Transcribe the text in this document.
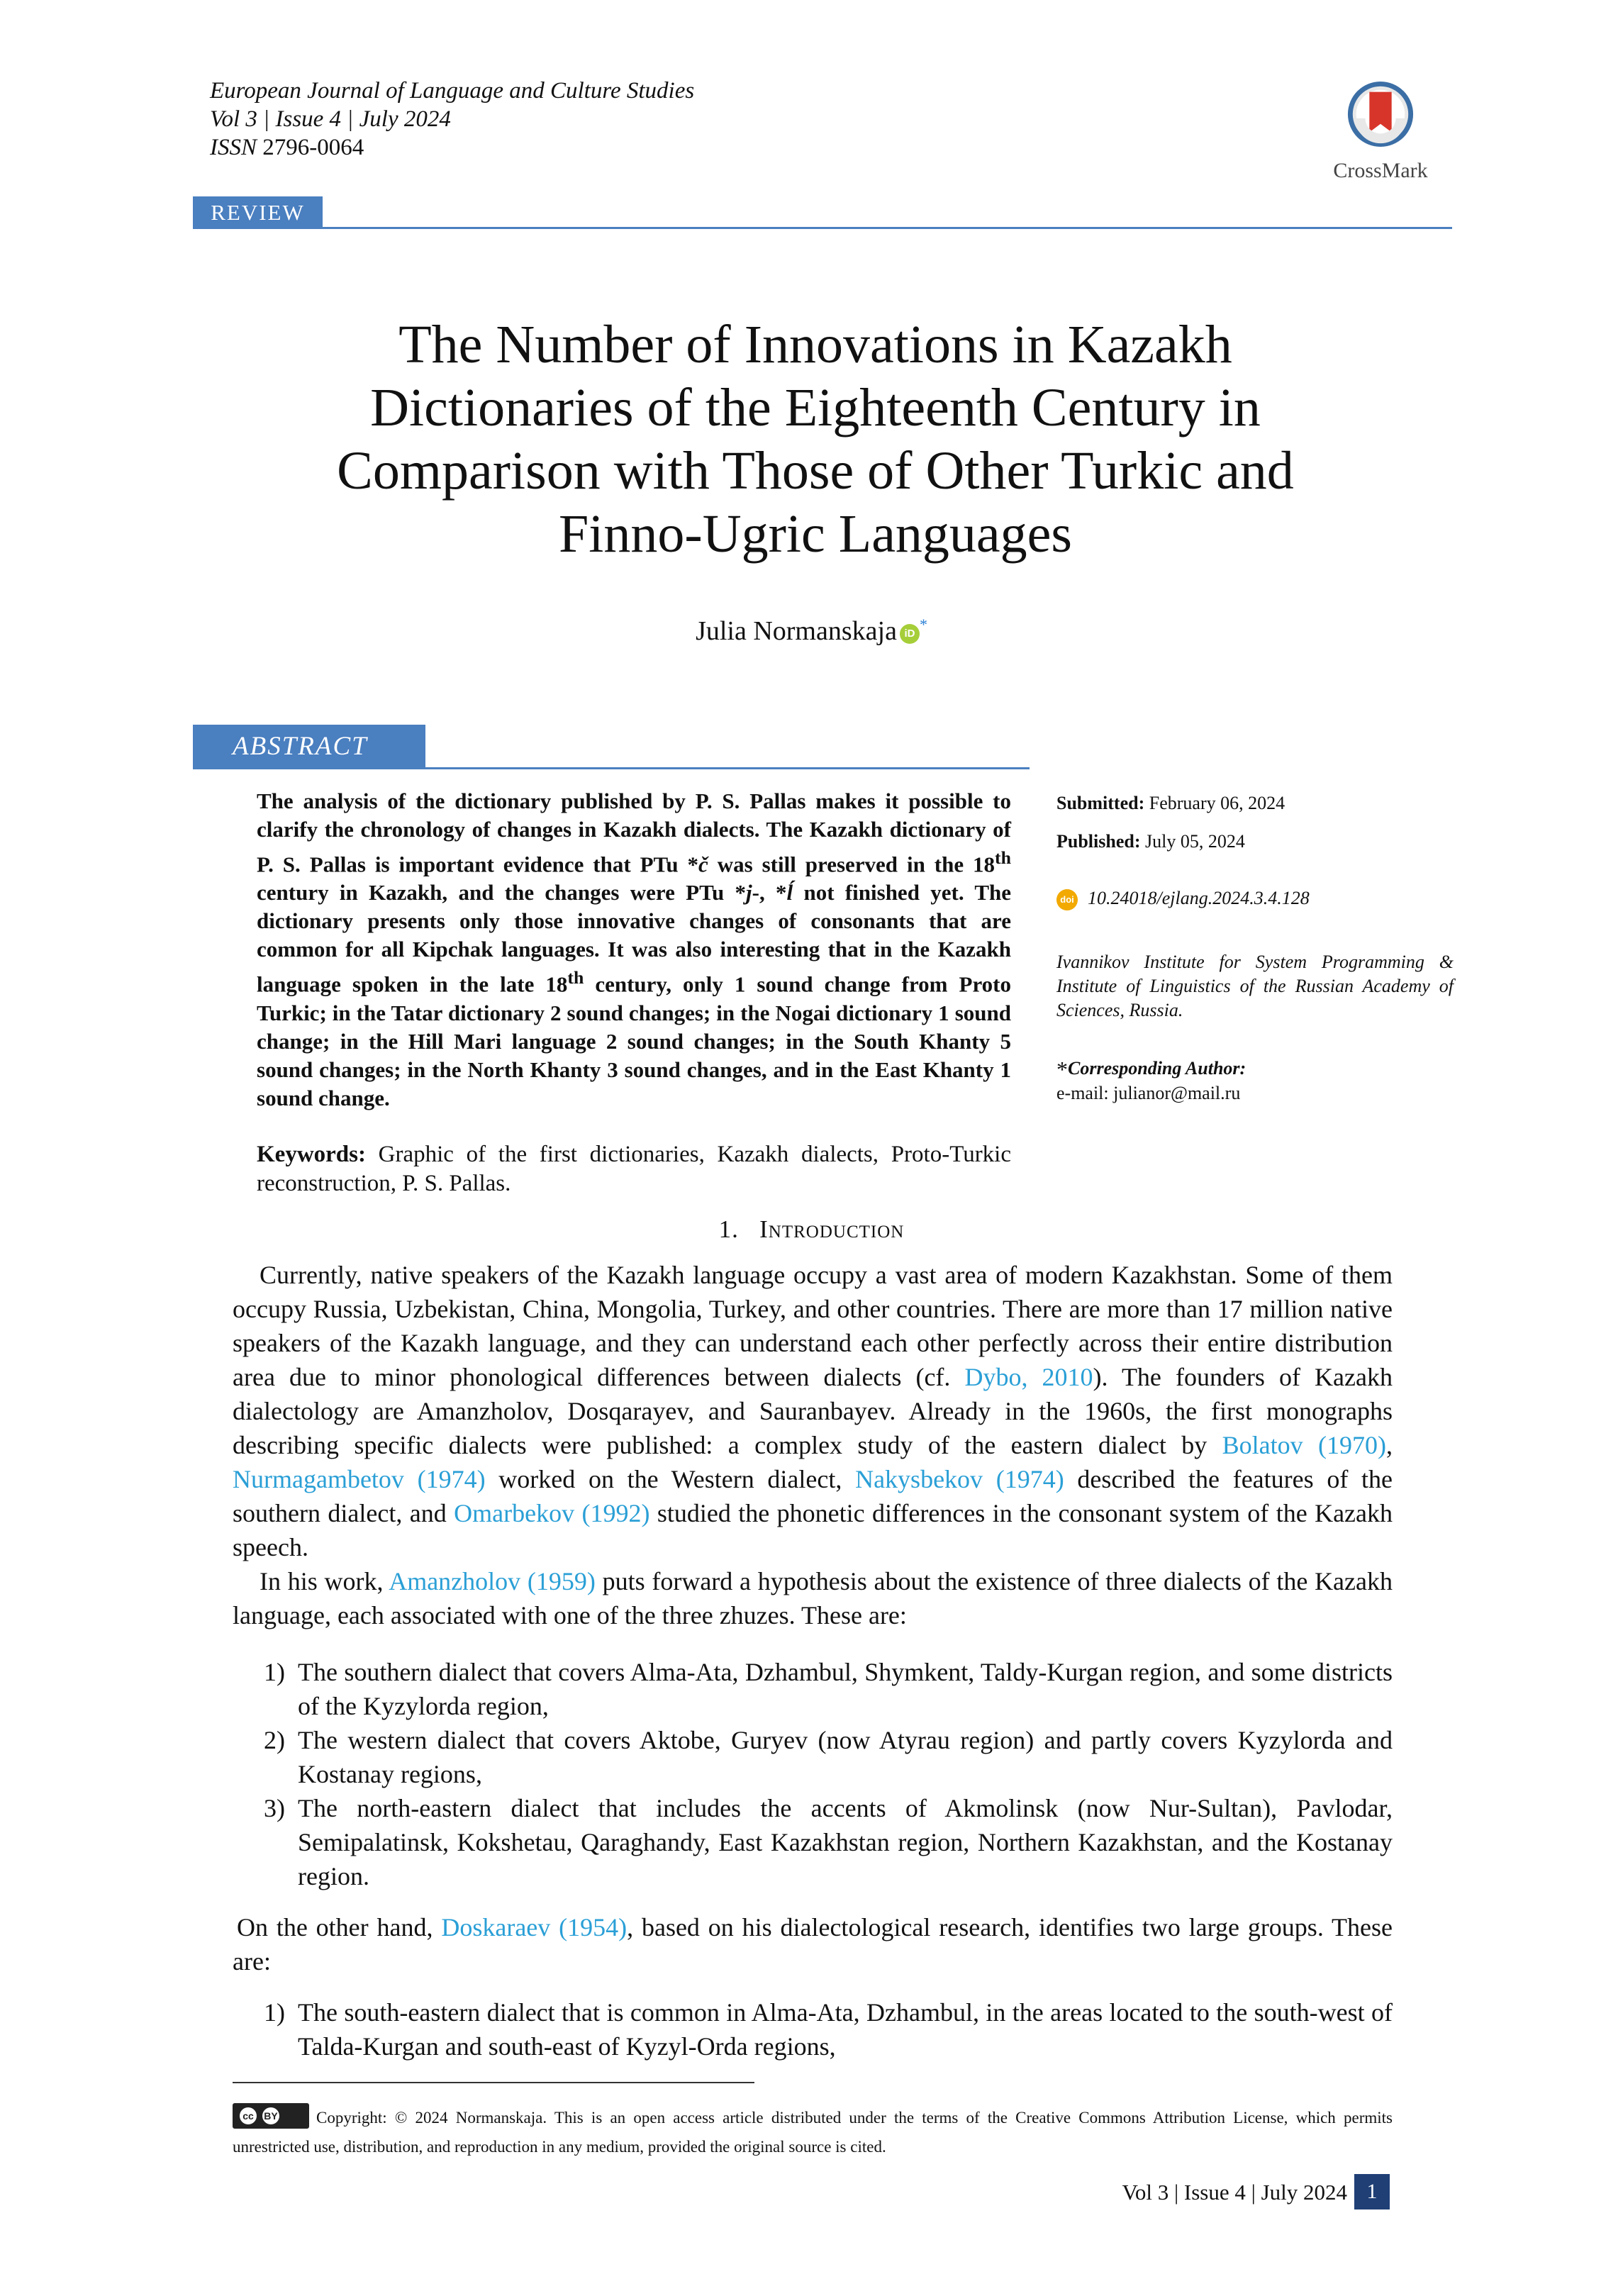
European Journal of Language and Culture Studies
Vol 3 | Issue 4 | July 2024
ISSN 2796-0064
CrossMark
REVIEW
The Number of Innovations in Kazakh
Dictionaries of the Eighteenth Century in
Comparison with Those of Other Turkic and
Finno-Ugric Languages
Julia Normanskaja iD*
ABSTRACT
The analysis of the dictionary published by P. S. Pallas makes it possible to clarify the chronology of changes in Kazakh dialects. The Kazakh dictionary of P. S. Pallas is important evidence that PTu *č was still preserved in the 18th century in Kazakh, and the changes were PTu *j-, *ĺ not finished yet. The dictionary presents only those innovative changes of consonants that are common for all Kipchak languages. It was also interesting that in the Kazakh language spoken in the late 18th century, only 1 sound change from Proto Turkic; in the Tatar dictionary 2 sound changes; in the Nogai dictionary 1 sound change; in the Hill Mari language 2 sound changes; in the South Khanty 5 sound changes; in the North Khanty 3 sound changes, and in the East Khanty 1 sound change.
Keywords: Graphic of the first dictionaries, Kazakh dialects, Proto-Turkic reconstruction, P. S. Pallas.
Submitted: February 06, 2024
Published: July 05, 2024
doi 10.24018/ejlang.2024.3.4.128
Ivannikov Institute for System Programming & Institute of Linguistics of the Russian Academy of Sciences, Russia.
*Corresponding Author:
e-mail: julianor@mail.ru
1. Introduction
Currently, native speakers of the Kazakh language occupy a vast area of modern Kazakhstan. Some of them occupy Russia, Uzbekistan, China, Mongolia, Turkey, and other countries. There are more than 17 million native speakers of the Kazakh language, and they can understand each other perfectly across their entire distribution area due to minor phonological differences between dialects (cf. Dybo, 2010). The founders of Kazakh dialectology are Amanzholov, Dosqarayev, and Sauranbayev. Already in the 1960s, the first monographs describing specific dialects were published: a complex study of the eastern dialect by Bolatov (1970), Nurmagambetov (1974) worked on the Western dialect, Nakysbekov (1974) described the features of the southern dialect, and Omarbekov (1992) studied the phonetic differences in the consonant system of the Kazakh speech.
In his work, Amanzholov (1959) puts forward a hypothesis about the existence of three dialects of the Kazakh language, each associated with one of the three zhuzes. These are:
1) The southern dialect that covers Alma-Ata, Dzhambul, Shymkent, Taldy-Kurgan region, and some districts of the Kyzylorda region,
2) The western dialect that covers Aktobe, Guryev (now Atyrau region) and partly covers Kyzylorda and Kostanay regions,
3) The north-eastern dialect that includes the accents of Akmolinsk (now Nur-Sultan), Pavlodar, Semipalatinsk, Kokshetau, Qaraghandy, East Kazakhstan region, Northern Kazakhstan, and the Kostanay region.
On the other hand, Doskaraev (1954), based on his dialectological research, identifies two large groups. These are:
1) The south-eastern dialect that is common in Alma-Ata, Dzhambul, in the areas located to the south-west of Talda-Kurgan and south-east of Kyzyl-Orda regions,
cc	BY	Copyright: © 2024 Normanskaja. This is an open access article distributed under the terms of the Creative Commons Attribution License, which permits unrestricted use, distribution, and reproduction in any medium, provided the original source is cited.
Vol 3 | Issue 4 | July 2024 1
